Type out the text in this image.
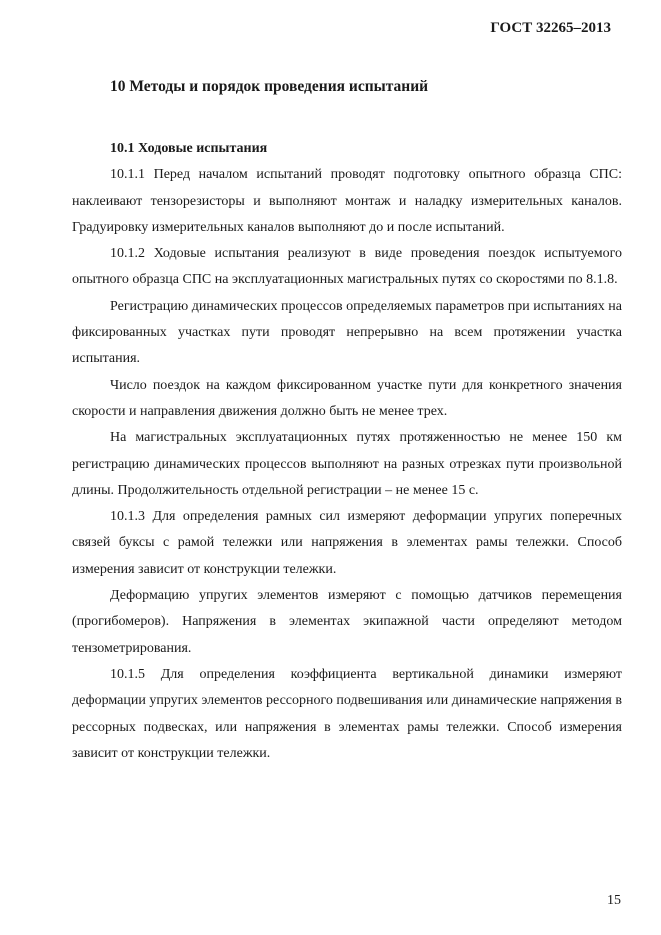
ГОСТ 32265–2013
10 Методы и порядок проведения испытаний

10.1 Ходовые испытания

10.1.1 Перед началом испытаний проводят подготовку опытного образца СПС: наклеивают тензорезисторы и выполняют монтаж и наладку измерительных каналов. Градуировку измерительных каналов выполняют до и после испытаний.

10.1.2 Ходовые испытания реализуют в виде проведения поездок испытуемого опытного образца СПС на эксплуатационных магистральных путях со скоростями по 8.1.8.

Регистрацию динамических процессов определяемых параметров при испытаниях на фиксированных участках пути проводят непрерывно на всем протяжении участка испытания.

Число поездок на каждом фиксированном участке пути для конкретного значения скорости и направления движения должно быть не менее трех.

На магистральных эксплуатационных путях протяженностью не менее 150 км регистрацию динамических процессов выполняют на разных отрезках пути произвольной длины. Продолжительность отдельной регистрации – не менее 15 с.

10.1.3 Для определения рамных сил измеряют деформации упругих поперечных связей буксы с рамой тележки или напряжения в элементах рамы тележки. Способ измерения зависит от конструкции тележки.

Деформацию упругих элементов измеряют с помощью датчиков перемещения (прогибомеров). Напряжения в элементах экипажной части определяют методом тензометрирования.

10.1.5 Для определения коэффициента вертикальной динамики измеряют деформации упругих элементов рессорного подвешивания или динамические напряжения в рессорных подвесках, или напряжения в элементах рамы тележки. Способ измерения зависит от конструкции тележки.

15
